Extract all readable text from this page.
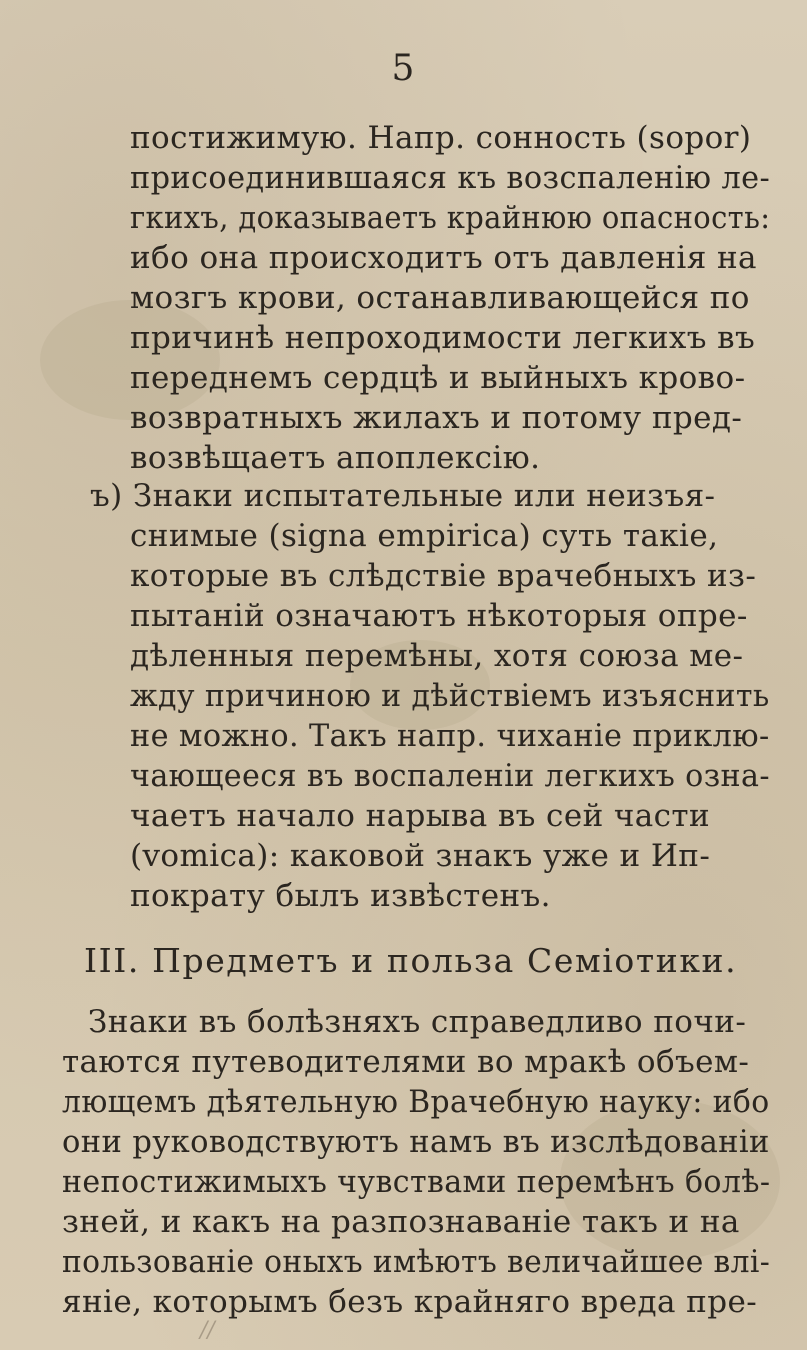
5
постижимую. Напр. сонность (sopor)
присоединившаяся къ возспаленію ле-
гкихъ, доказываетъ крайнюю опасность:
ибо она происходитъ отъ давленія на
мозгъ крови, останавливающейся по
причинѣ непроходимости легкихъ въ
переднемъ сердцѣ и выйныхъ крово-
возвратныхъ жилахъ и потому пред-
возвѣщаетъ апоплексію.
ъ) Знаки испытательные или неизъя-
снимые (signa empirica) суть такіе,
которые въ слѣдствіе врачебныхъ из-
пытаній означаютъ нѣкоторыя опре-
дѣленныя перемѣны, хотя союза ме-
жду причиною и дѣйствіемъ изъяснить
не можно. Такъ напр. чиханіе приклю-
чающееся въ воспаленіи легкихъ озна-
чаетъ начало нарыва въ сей части
(vomica): каковой знакъ уже и Ип-
пократу былъ извѣстенъ.
III. Предметъ и польза Семіотики.
Знаки въ болѣзняхъ справедливо почи-
таются путеводителями во мракѣ объем-
лющемъ дѣятельную Врачебную науку: ибо
они руководствуютъ намъ въ изслѣдованіи
непостижимыхъ чувствами перемѣнъ болѣ-
зней, и какъ на разпознаваніе такъ и на
пользованіе оныхъ имѣютъ величайшее влі-
яніе, которымъ безъ крайняго вреда пре-
//
